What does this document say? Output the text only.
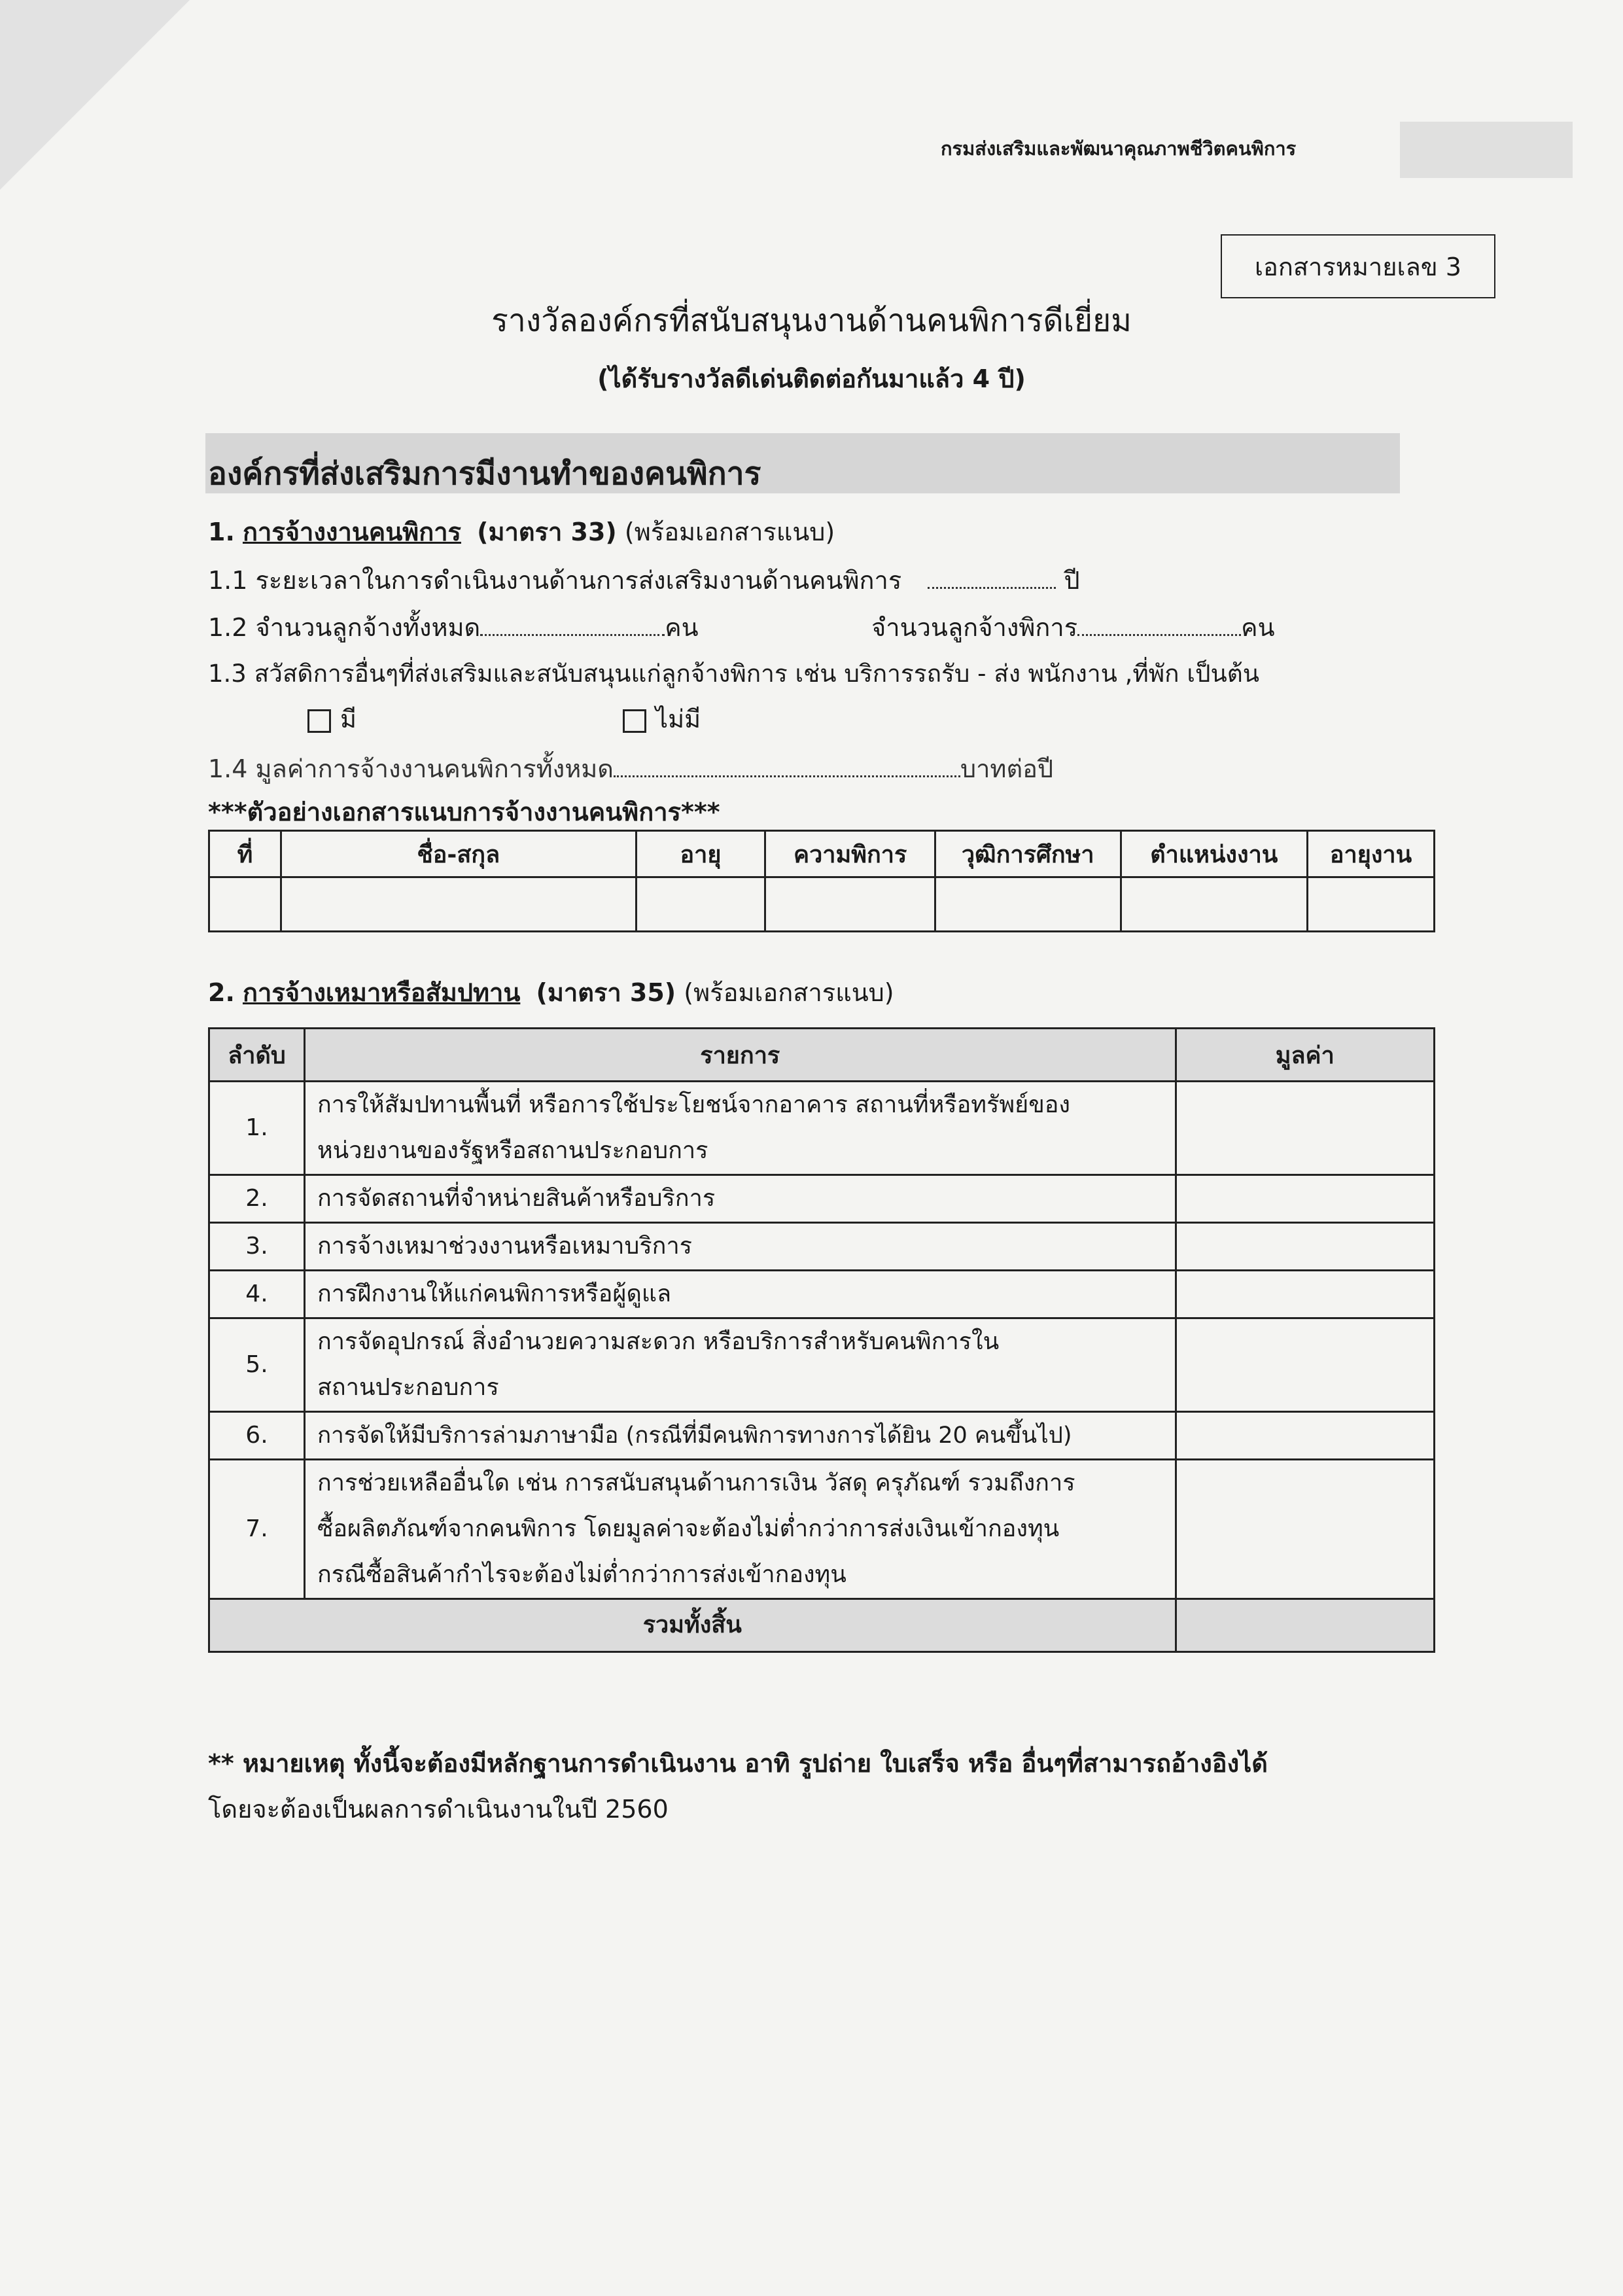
กรมส่งเสริมและพัฒนาคุณภาพชีวิตคนพิการ
เอกสารหมายเลข 3
รางวัลองค์กรที่สนับสนุนงานด้านคนพิการดีเยี่ยม
(ได้รับรางวัลดีเด่นติดต่อกันมาแล้ว 4 ปี)
องค์กรที่ส่งเสริมการมีงานทำของคนพิการ
1. การจ้างงานคนพิการ (มาตรา 33) (พร้อมเอกสารแนบ)
1.1 ระยะเวลาในการดำเนินงานด้านการส่งเสริมงานด้านคนพิการ	ปี
1.2 จำนวนลูกจ้างทั้งหมด	คน	จำนวนลูกจ้างพิการ	คน
1.3 สวัสดิการอื่นๆที่ส่งเสริมและสนับสนุนแก่ลูกจ้างพิการ เช่น บริการรถรับ - ส่ง พนักงาน ,ที่พัก เป็นต้น
มี	ไม่มี
1.4 มูลค่าการจ้างงานคนพิการทั้งหมด	บาทต่อปี
***ตัวอย่างเอกสารแนบการจ้างงานคนพิการ***
ที่	ชื่อ-สกุล	อายุ	ความพิการ	วุฒิการศึกษา	ตำแหน่งงาน	อายุงาน

2. การจ้างเหมาหรือสัมปทาน (มาตรา 35) (พร้อมเอกสารแนบ)
ลำดับ	รายการ	มูลค่า
1.	การให้สัมปทานพื้นที่ หรือการใช้ประโยชน์จากอาคาร สถานที่หรือทรัพย์ของ
หน่วยงานของรัฐหรือสถานประกอบการ	

2.	การจัดสถานที่จำหน่ายสินค้าหรือบริการ	

3.	การจ้างเหมาช่วงงานหรือเหมาบริการ	

4.	การฝึกงานให้แก่คนพิการหรือผู้ดูแล	

5.	การจัดอุปกรณ์ สิ่งอำนวยความสะดวก หรือบริการสำหรับคนพิการใน
สถานประกอบการ	

6.	การจัดให้มีบริการล่ามภาษามือ (กรณีที่มีคนพิการทางการได้ยิน 20 คนขึ้นไป)	

7.	การช่วยเหลืออื่นใด เช่น การสนับสนุนด้านการเงิน วัสดุ ครุภัณฑ์ รวมถึงการ
ซื้อผลิตภัณฑ์จากคนพิการ โดยมูลค่าจะต้องไม่ต่ำกว่าการส่งเงินเข้ากองทุน
กรณีซื้อสินค้ากำไรจะต้องไม่ต่ำกว่าการส่งเข้ากองทุน	

รวมทั้งสิ้น		
** หมายเหตุ ทั้งนี้จะต้องมีหลักฐานการดำเนินงาน อาทิ รูปถ่าย ใบเสร็จ หรือ อื่นๆที่สามารถอ้างอิงได้
โดยจะต้องเป็นผลการดำเนินงานในปี 2560
